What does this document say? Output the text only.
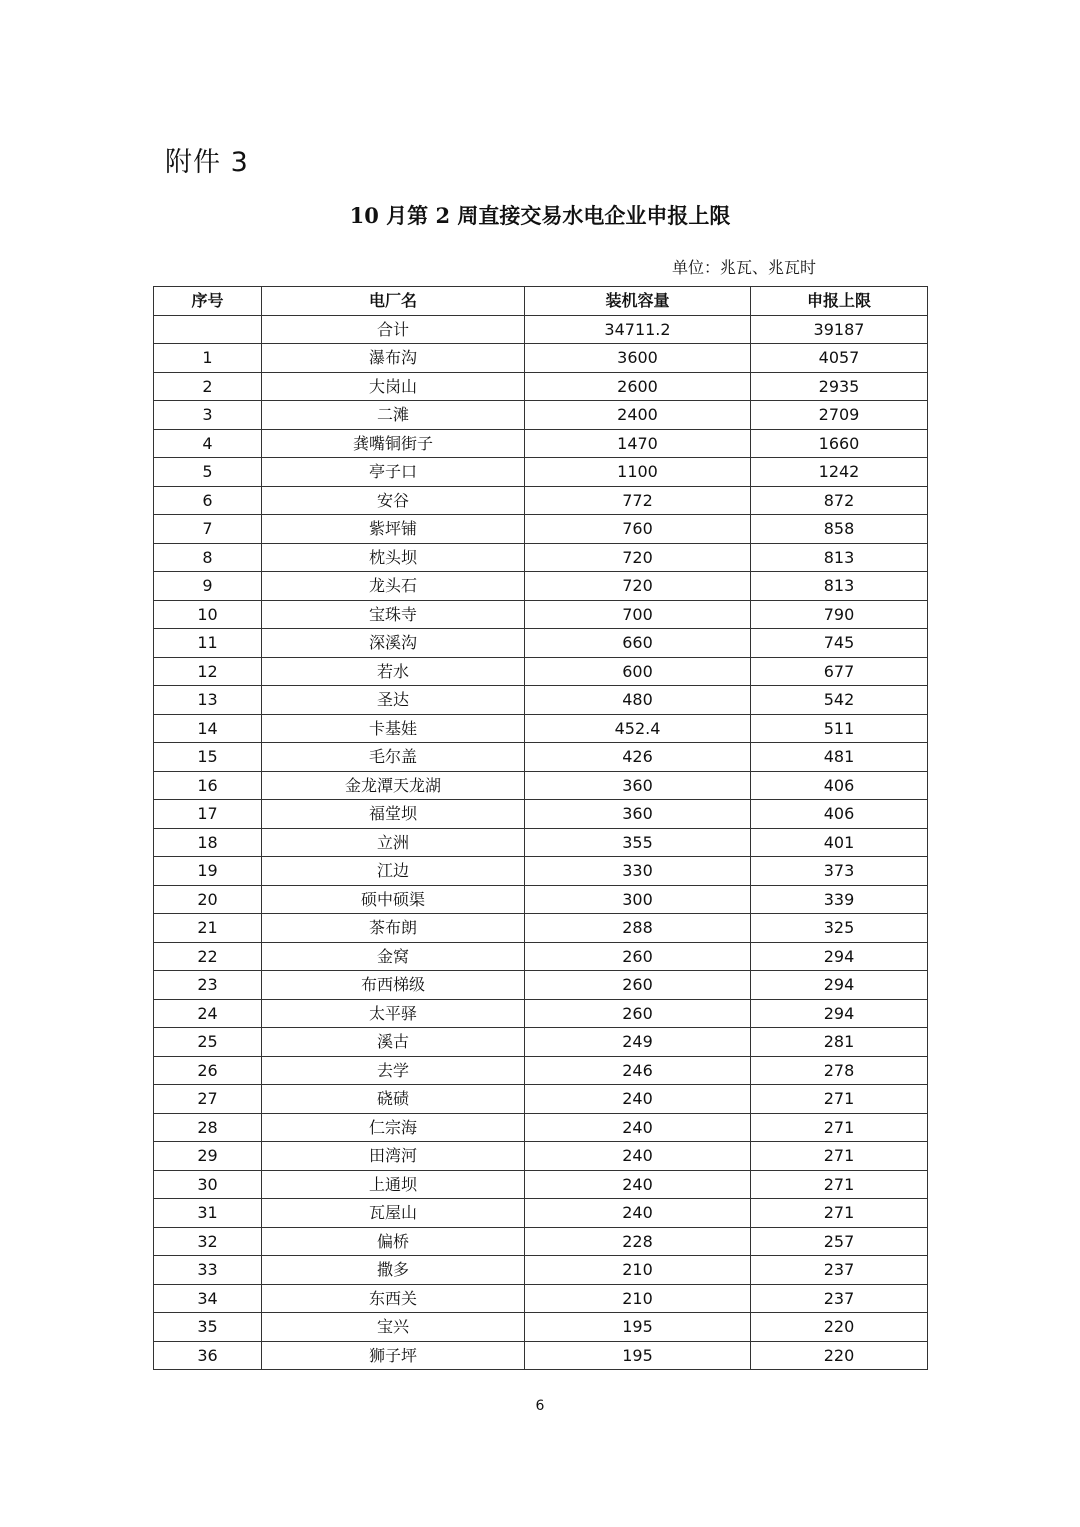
附件 3
10 月第 2 周直接交易水电企业申报上限
单位：兆瓦、兆瓦时
序号	电厂名	装机容量	申报上限
	合计	34711.2	39187
1	瀑布沟	3600	4057
2	大岗山	2600	2935
3	二滩	2400	2709
4	龚嘴铜街子	1470	1660
5	亭子口	1100	1242
6	安谷	772	872
7	紫坪铺	760	858
8	枕头坝	720	813
9	龙头石	720	813
10	宝珠寺	700	790
11	深溪沟	660	745
12	若水	600	677
13	圣达	480	542
14	卡基娃	452.4	511
15	毛尔盖	426	481
16	金龙潭天龙湖	360	406
17	福堂坝	360	406
18	立洲	355	401
19	江边	330	373
20	硕中硕渠	300	339
21	茶布朗	288	325
22	金窝	260	294
23	布西梯级	260	294
24	太平驿	260	294
25	溪古	249	281
26	去学	246	278
27	硗碛	240	271
28	仁宗海	240	271
29	田湾河	240	271
30	上通坝	240	271
31	瓦屋山	240	271
32	偏桥	228	257
33	撒多	210	237
34	东西关	210	237
35	宝兴	195	220
36	狮子坪	195	220
6
